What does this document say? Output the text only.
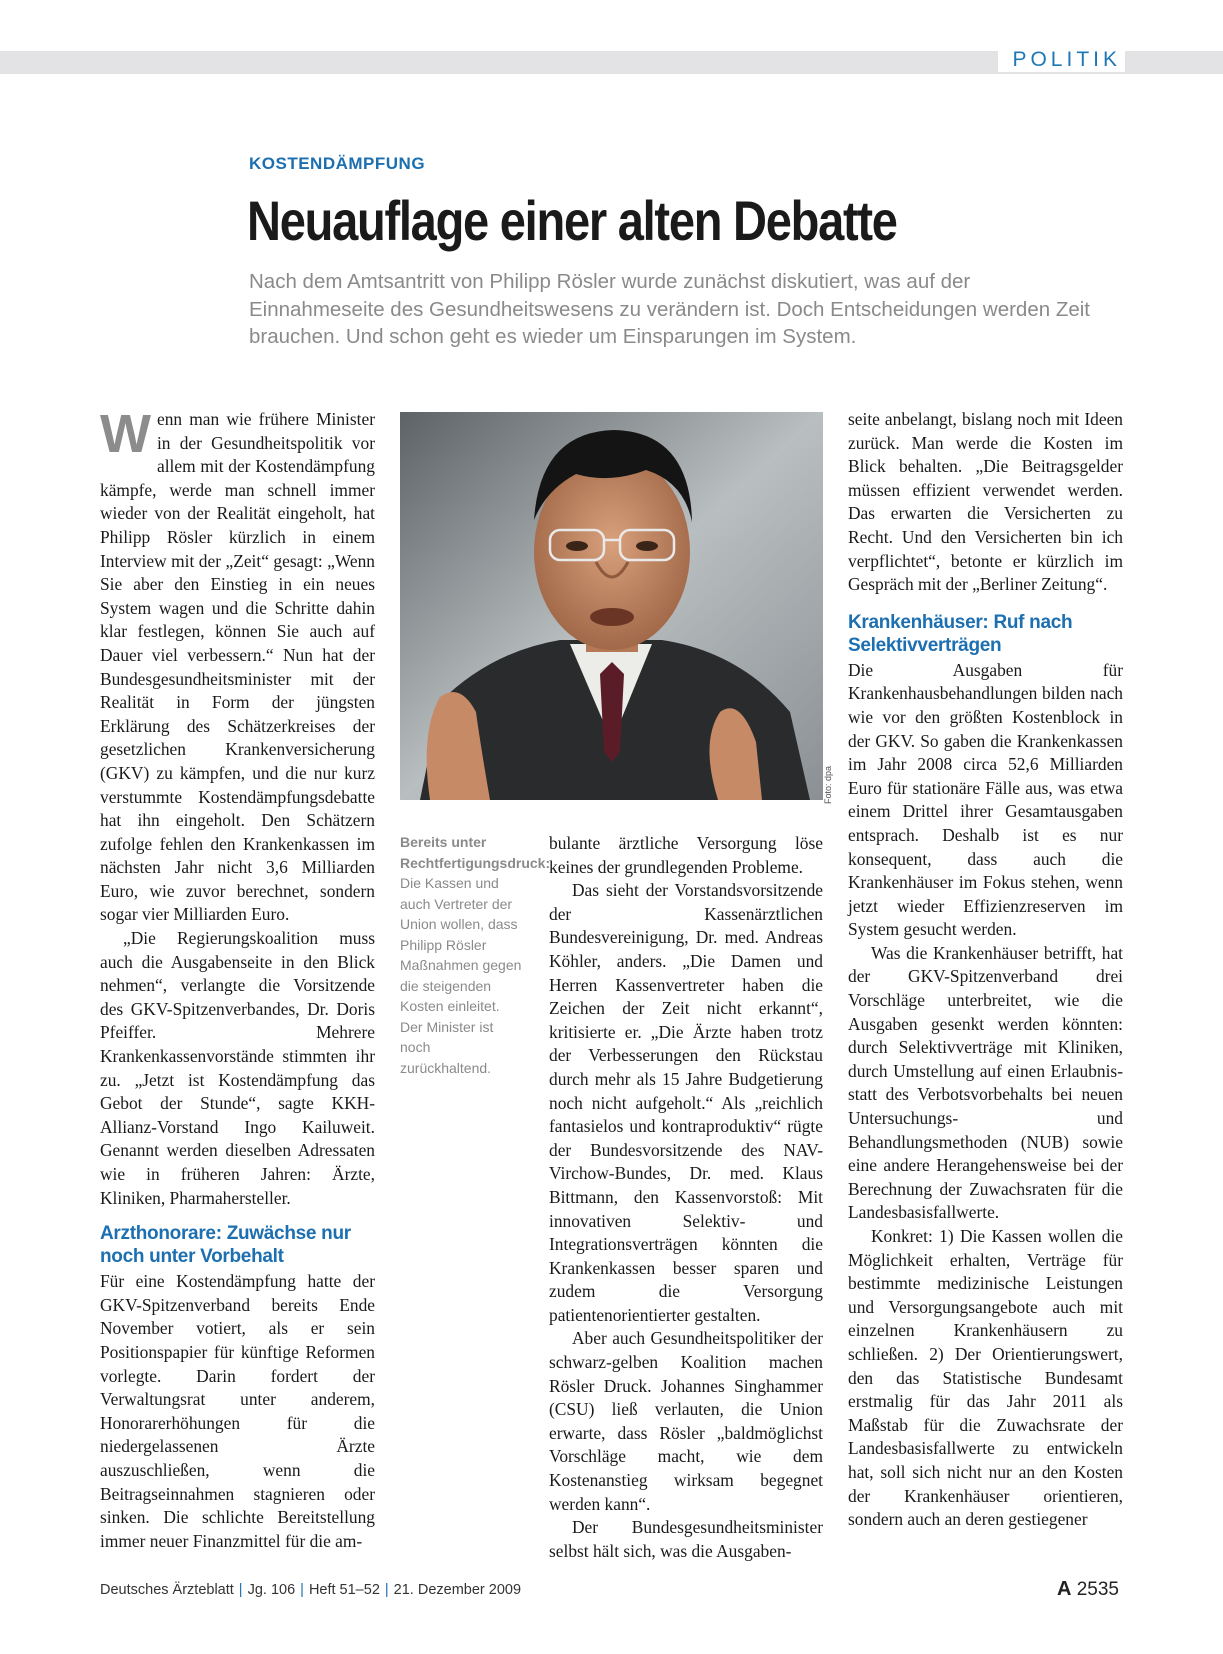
POLITIK
KOSTENDÄMPFUNG
Neuauflage einer alten Debatte

Nach dem Amtsantritt von Philipp Rösler wurde zunächst diskutiert, was auf der Einnahmeseite des Gesundheitswesens zu verändern ist. Doch Entscheidungen werden Zeit brauchen. Und schon geht es wieder um Einsparungen im System.

Wenn man wie frühere Minister in der Gesundheitspolitik vor allem mit der Kostendämpfung kämpfe, werde man schnell immer wieder von der Realität eingeholt, hat Philipp Rösler kürzlich in einem Interview mit der „Zeit“ gesagt: „Wenn Sie aber den Einstieg in ein neues System wagen und die Schritte dahin klar festlegen, können Sie auch auf Dauer viel verbessern.“ Nun hat der Bundesgesundheitsminister mit der Realität in Form der jüngsten Erklärung des Schätzerkreises der gesetzlichen Krankenversicherung (GKV) zu kämpfen, und die nur kurz verstummte Kostendämpfungsdebatte hat ihn eingeholt. Den Schätzern zufolge fehlen den Krankenkassen im nächsten Jahr nicht 3,6 Milliarden Euro, wie zuvor berechnet, sondern sogar vier Milliarden Euro.

„Die Regierungskoalition muss auch die Ausgabenseite in den Blick nehmen“, verlangte die Vorsitzende des GKV-Spitzenverbandes, Dr. Doris Pfeiffer. Mehrere Krankenkassenvorstände stimmten ihr zu. „Jetzt ist Kostendämpfung das Gebot der Stunde“, sagte KKH-Allianz-Vorstand Ingo Kailuweit. Genannt werden dieselben Adressaten wie in früheren Jahren: Ärzte, Kliniken, Pharmahersteller.

Arzthonorare: Zuwächse nur noch unter Vorbehalt

Für eine Kostendämpfung hatte der GKV-Spitzenverband bereits Ende November votiert, als er sein Positionspapier für künftige Reformen vorlegte. Darin fordert der Verwaltungsrat unter anderem, Honorarerhöhungen für die niedergelassenen Ärzte auszuschließen, wenn die Beitragseinnahmen stagnieren oder sinken. Die schlichte Bereitstellung immer neuer Finanzmittel für die am-

Foto: dpa
Bereits unter Rechtfertigungsdruck: Die Kassen und auch Vertreter der Union wollen, dass Philipp Rösler Maßnahmen gegen die steigenden Kosten einleitet. Der Minister ist noch zurückhaltend.

bulante ärztliche Versorgung löse keines der grundlegenden Probleme.

Das sieht der Vorstandsvorsitzende der Kassenärztlichen Bundesvereinigung, Dr. med. Andreas Köhler, anders. „Die Damen und Herren Kassenvertreter haben die Zeichen der Zeit nicht erkannt“, kritisierte er. „Die Ärzte haben trotz der Verbesserungen den Rückstau durch mehr als 15 Jahre Budgetierung noch nicht aufgeholt.“ Als „reichlich fantasielos und kontraproduktiv“ rügte der Bundesvorsitzende des NAV-Virchow-Bundes, Dr. med. Klaus Bittmann, den Kassenvorstoß: Mit innovativen Selektiv- und Integrationsverträgen könnten die Krankenkassen besser sparen und zudem die Versorgung patientenorientierter gestalten.

Aber auch Gesundheitspolitiker der schwarz-gelben Koalition machen Rösler Druck. Johannes Singhammer (CSU) ließ verlauten, die Union erwarte, dass Rösler „baldmöglichst Vorschläge macht, wie dem Kostenanstieg wirksam begegnet werden kann“.

Der Bundesgesundheitsminister selbst hält sich, was die Ausgaben-

seite anbelangt, bislang noch mit Ideen zurück. Man werde die Kosten im Blick behalten. „Die Beitragsgelder müssen effizient verwendet werden. Das erwarten die Versicherten zu Recht. Und den Versicherten bin ich verpflichtet“, betonte er kürzlich im Gespräch mit der „Berliner Zeitung“.

Krankenhäuser: Ruf nach Selektivverträgen

Die Ausgaben für Krankenhausbehandlungen bilden nach wie vor den größten Kostenblock in der GKV. So gaben die Krankenkassen im Jahr 2008 circa 52,6 Milliarden Euro für stationäre Fälle aus, was etwa einem Drittel ihrer Gesamtausgaben entsprach. Deshalb ist es nur konsequent, dass auch die Krankenhäuser im Fokus stehen, wenn jetzt wieder Effizienzreserven im System gesucht werden.

Was die Krankenhäuser betrifft, hat der GKV-Spitzenverband drei Vorschläge unterbreitet, wie die Ausgaben gesenkt werden könnten: durch Selektivverträge mit Kliniken, durch Umstellung auf einen Erlaubnis- statt des Verbotsvorbehalts bei neuen Untersuchungs- und Behandlungsmethoden (NUB) sowie eine andere Herangehensweise bei der Berechnung der Zuwachsraten für die Landesbasisfallwerte.

Konkret: 1) Die Kassen wollen die Möglichkeit erhalten, Verträge für bestimmte medizinische Leistungen und Versorgungsangebote auch mit einzelnen Krankenhäusern zu schließen. 2) Der Orientierungswert, den das Statistische Bundesamt erstmalig für das Jahr 2011 als Maßstab für die Zuwachsrate der Landesbasisfallwerte zu entwickeln hat, soll sich nicht nur an den Kosten der Krankenhäuser orientieren, sondern auch an deren gestiegener

Deutsches Ärzteblatt | Jg. 106 | Heft 51–52 | 21. Dezember 2009	A 2535
